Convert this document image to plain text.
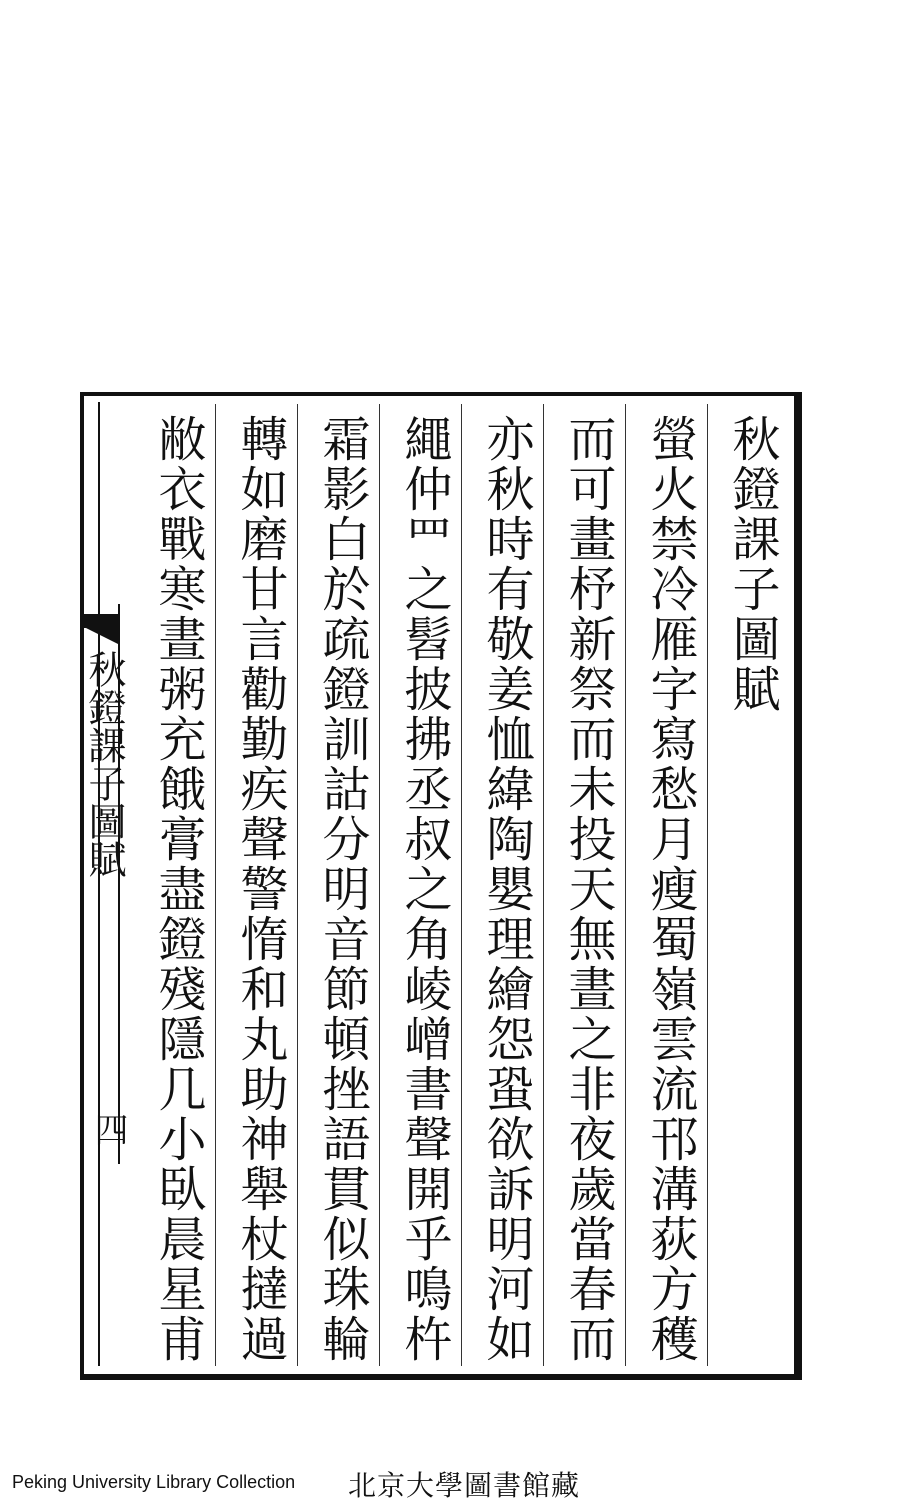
秋鐙課子圖賦
螢火禁冷雁字寫愁月瘦蜀嶺雲流邗溝荻方穫
而可畫杼新祭而未投天無晝之非夜歲當春而
亦秋時有敬姜恤緯陶嬰理繪怨蛩欲訴明河如
繩仲罒之髫披拂丞叔之角崚嶒書聲開乎鳴杵
霜影白於疏鐙訓詁分明音節頓挫語貫似珠輪
轉如磨甘言勸勤疾聲警惰和丸助神舉杖撻過
敝衣戰寒晝粥充餓膏盡鐙殘隱几小臥晨星甫
秋鐙課子圖賦
四
Peking University Library Collection 北京大學圖書館藏
